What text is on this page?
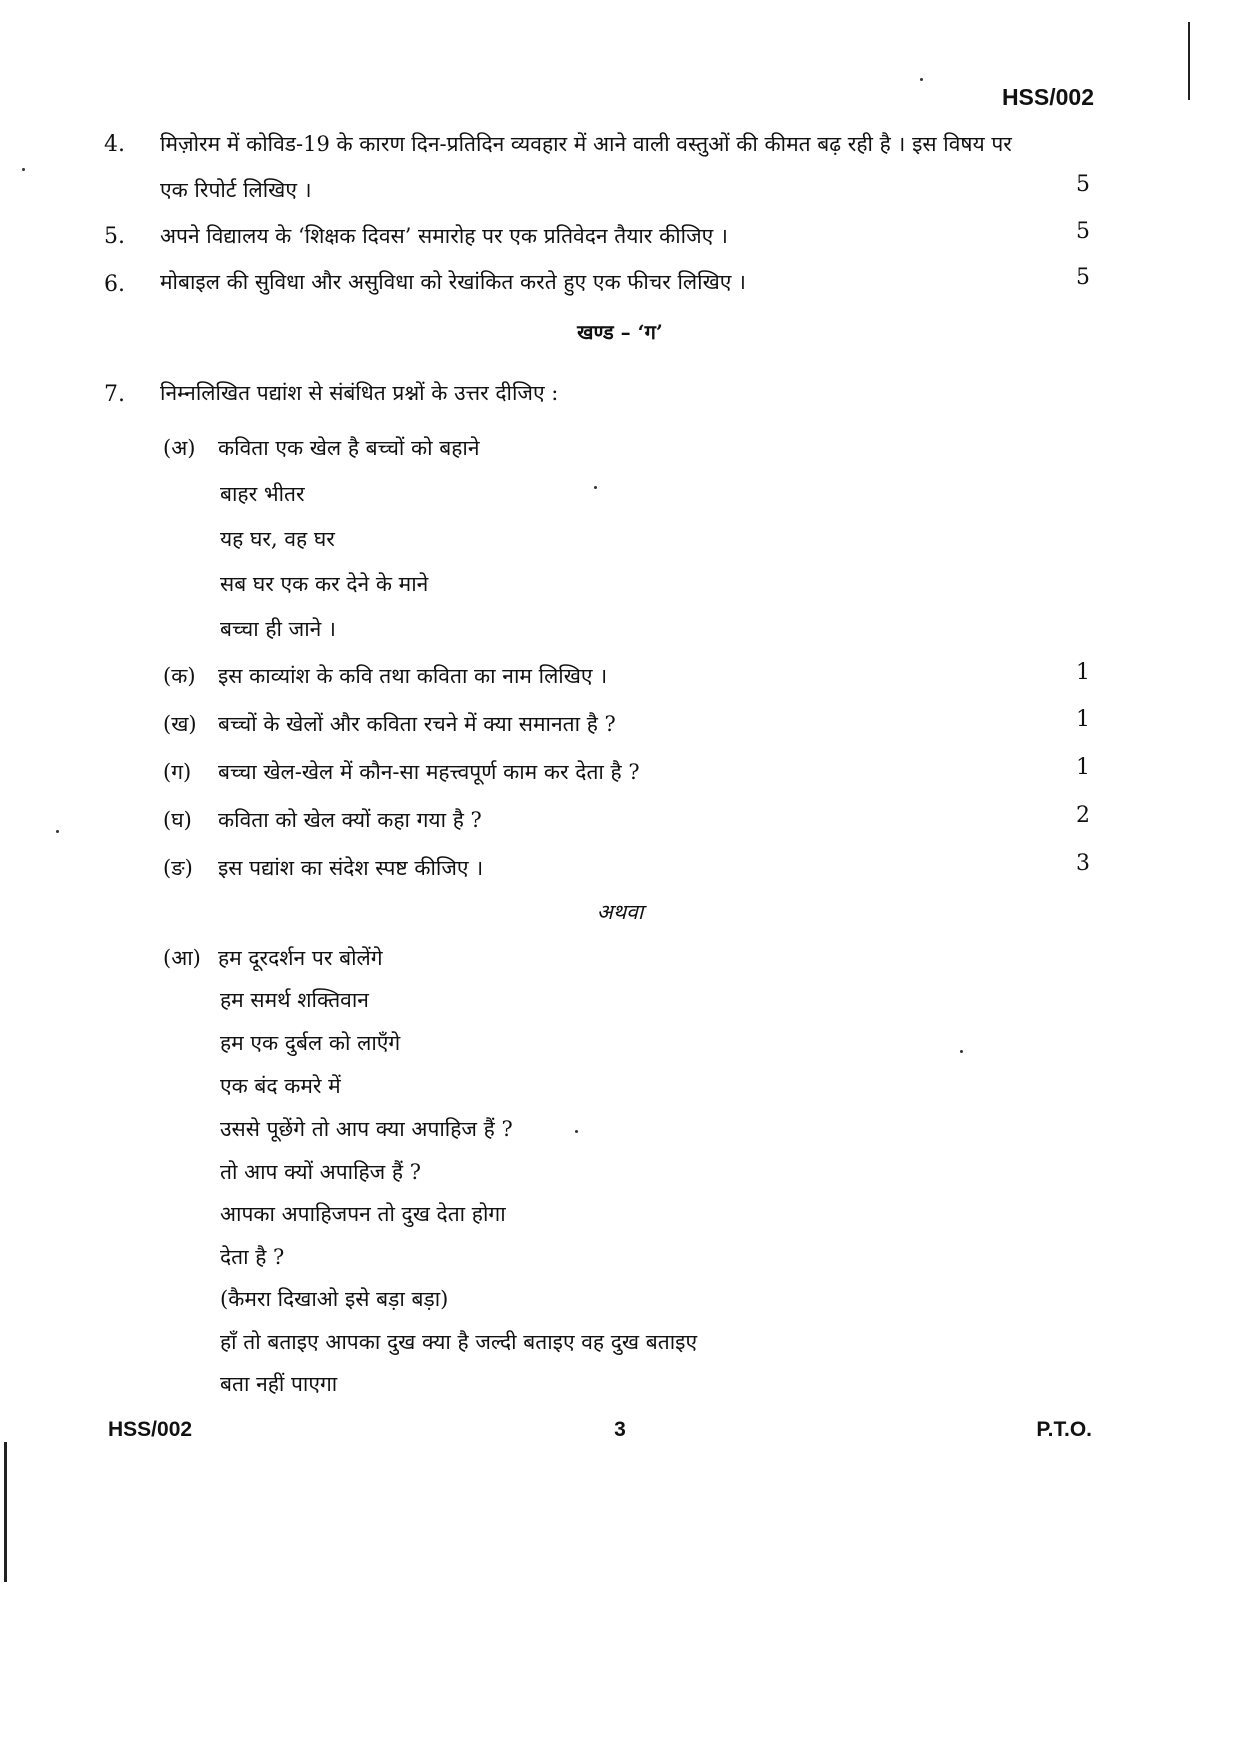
HSS/002
4. मिज़ोरम में कोविड-19 के कारण दिन-प्रतिदिन व्यवहार में आने वाली वस्तुओं की कीमत बढ़ रही है । इस विषय पर
एक रिपोर्ट लिखिए ।	5
5. अपने विद्यालय के ‘शिक्षक दिवस’ समारोह पर एक प्रतिवेदन तैयार कीजिए ।	5
6. मोबाइल की सुविधा और असुविधा को रेखांकित करते हुए एक फीचर लिखिए ।	5
खण्ड – ‘ग’
7. निम्नलिखित पद्यांश से संबंधित प्रश्नों के उत्तर दीजिए :
(अ) कविता एक खेल है बच्चों को बहाने
बाहर भीतर
यह घर, वह घर
सब घर एक कर देने के माने
बच्चा ही जाने ।
(क) इस काव्यांश के कवि तथा कविता का नाम लिखिए ।	1
(ख) बच्चों के खेलों और कविता रचने में क्या समानता है ?	1
(ग) बच्चा खेल-खेल में कौन-सा महत्त्वपूर्ण काम कर देता है ?	1
(घ) कविता को खेल क्यों कहा गया है ?	2
(ङ) इस पद्यांश का संदेश स्पष्ट कीजिए ।	3
अथवा
(आ) हम दूरदर्शन पर बोलेंगे
हम समर्थ शक्तिवान
हम एक दुर्बल को लाएँगे
एक बंद कमरे में
उससे पूछेंगे तो आप क्या अपाहिज हैं ?
तो आप क्यों अपाहिज हैं ?
आपका अपाहिजपन तो दुख देता होगा
देता है ?
(कैमरा दिखाओ इसे बड़ा बड़ा)
हाँ तो बताइए आपका दुख क्या है जल्दी बताइए वह दुख बताइए
बता नहीं पाएगा
HSS/002	3	P.T.O.
